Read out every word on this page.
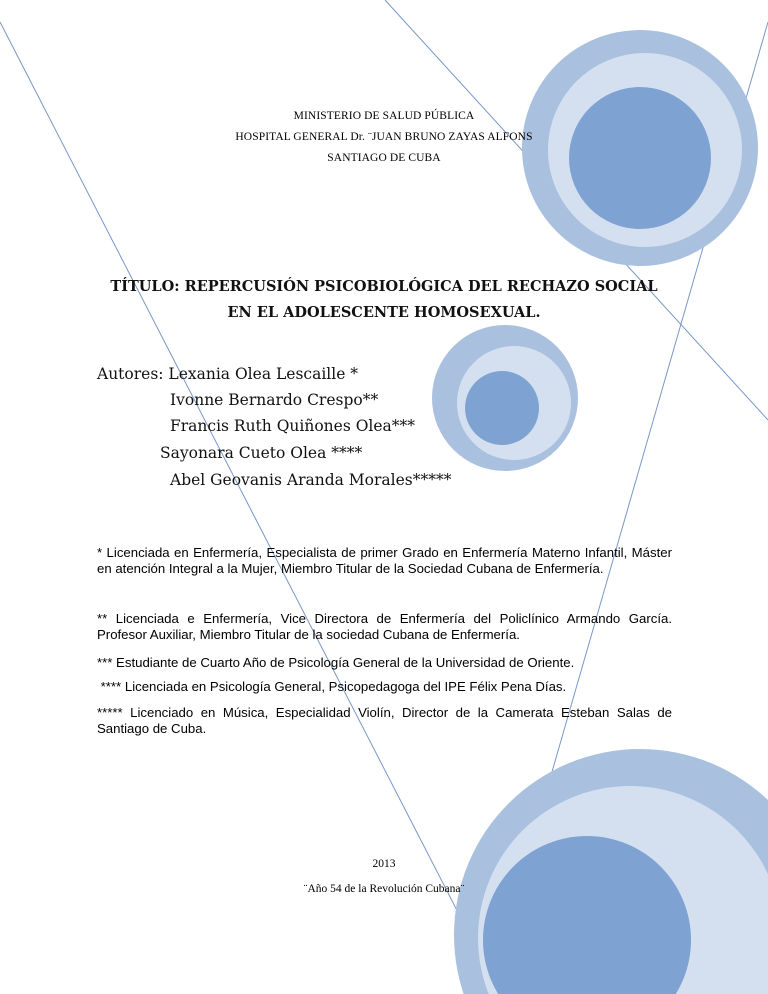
MINISTERIO DE SALUD PÚBLICA
HOSPITAL GENERAL Dr. ¨JUAN BRUNO ZAYAS ALFONS
SANTIAGO DE CUBA
TÍTULO: REPERCUSIÓN PSICOBIOLÓGICA DEL RECHAZO SOCIAL
EN EL ADOLESCENTE HOMOSEXUAL.
Autores: Lexania Olea Lescaille *
Ivonne Bernardo Crespo**
Francis Ruth Quiñones Olea***
Sayonara Cueto Olea ****
Abel Geovanis Aranda Morales*****
* Licenciada en Enfermería, Especialista de primer Grado en Enfermería Materno Infantil, Máster en atención Integral a la Mujer, Miembro Titular de la Sociedad Cubana de Enfermería.
** Licenciada e Enfermería, Vice Directora de Enfermería del Policlínico Armando García. Profesor Auxiliar, Miembro Titular de la sociedad Cubana de Enfermería.
*** Estudiante de Cuarto Año de Psicología General de la Universidad de Oriente.
**** Licenciada en Psicología General, Psicopedagoga del IPE Félix Pena Días.
***** Licenciado en Música, Especialidad Violín, Director de la Camerata Esteban Salas de Santiago de Cuba.
2013
¨Año 54 de la Revolución Cubana¨
